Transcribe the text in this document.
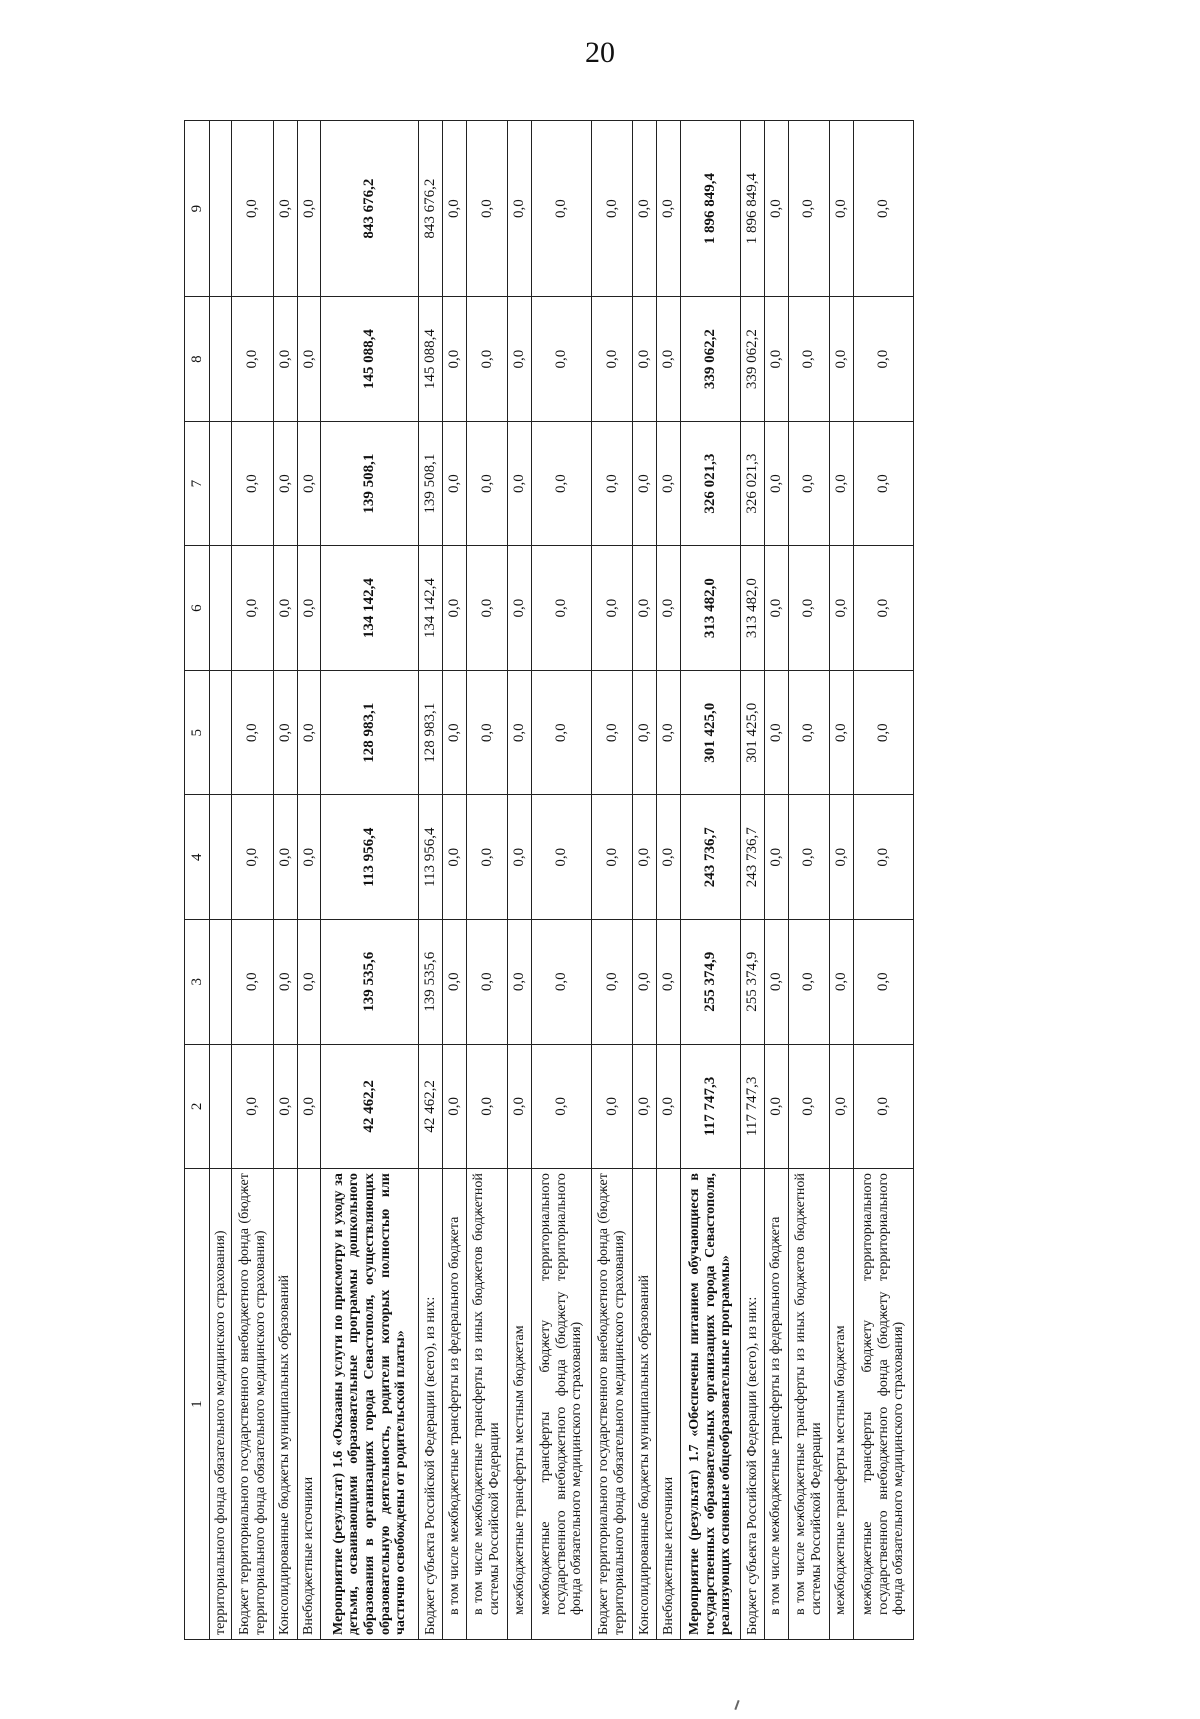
20
1	2	3	4	5	6	7	8	9
территориального фонда обязательного медицинского страхования)								
Бюджет территориального государственного внебюджетного фонда (бюджет территориального фонда обязательного медицинского страхования)	0,0	0,0	0,0	0,0	0,0	0,0	0,0	0,0
Консолидированные бюджеты муниципальных образований	0,0	0,0	0,0	0,0	0,0	0,0	0,0	0,0
Внебюджетные источники	0,0	0,0	0,0	0,0	0,0	0,0	0,0	0,0
Мероприятие (результат) 1.6 «Оказаны услуги по присмотру и уходу за детьми, осваивающими образовательные программы дошкольного образования в организациях города Севастополя, осуществляющих образовательную деятельность, родители которых полностью или частично освобождены от родительской платы»	42 462,2	139 535,6	113 956,4	128 983,1	134 142,4	139 508,1	145 088,4	843 676,2
Бюджет субъекта Российской Федерации (всего), из них:	42 462,2	139 535,6	113 956,4	128 983,1	134 142,4	139 508,1	145 088,4	843 676,2
в том числе межбюджетные трансферты из федерального бюджета	0,0	0,0	0,0	0,0	0,0	0,0	0,0	0,0
в том числе межбюджетные трансферты из иных бюджетов бюджетной системы Российской Федерации	0,0	0,0	0,0	0,0	0,0	0,0	0,0	0,0
межбюджетные трансферты местным бюджетам	0,0	0,0	0,0	0,0	0,0	0,0	0,0	0,0
межбюджетные трансферты бюджету территориального государственного внебюджетного фонда (бюджету территориального фонда обязательного медицинского страхования)	0,0	0,0	0,0	0,0	0,0	0,0	0,0	0,0
Бюджет территориального государственного внебюджетного фонда (бюджет территориального фонда обязательного медицинского страхования)	0,0	0,0	0,0	0,0	0,0	0,0	0,0	0,0
Консолидированные бюджеты муниципальных образований	0,0	0,0	0,0	0,0	0,0	0,0	0,0	0,0
Внебюджетные источники	0,0	0,0	0,0	0,0	0,0	0,0	0,0	0,0
Мероприятие (результат) 1.7 «Обеспечены питанием обучающиеся в государственных образовательных организациях города Севастополя, реализующих основные общеобразовательные программы»	117 747,3	255 374,9	243 736,7	301 425,0	313 482,0	326 021,3	339 062,2	1 896 849,4
Бюджет субъекта Российской Федерации (всего), из них:	117 747,3	255 374,9	243 736,7	301 425,0	313 482,0	326 021,3	339 062,2	1 896 849,4
в том числе межбюджетные трансферты из федерального бюджета	0,0	0,0	0,0	0,0	0,0	0,0	0,0	0,0
в том числе межбюджетные трансферты из иных бюджетов бюджетной системы Российской Федерации	0,0	0,0	0,0	0,0	0,0	0,0	0,0	0,0
межбюджетные трансферты местным бюджетам	0,0	0,0	0,0	0,0	0,0	0,0	0,0	0,0
межбюджетные трансферты бюджету территориального государственного внебюджетного фонда (бюджету территориального фонда обязательного медицинского страхования)	0,0	0,0	0,0	0,0	0,0	0,0	0,0	0,0
